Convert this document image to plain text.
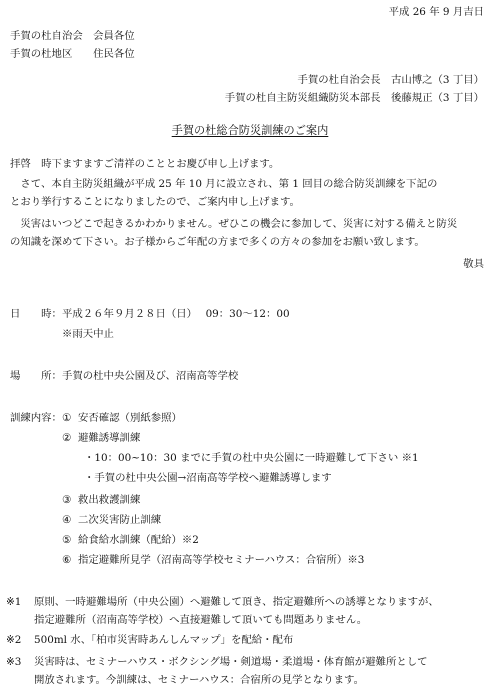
平成 26 年 9 月吉日
手賀の杜自治会　会員各位
手賀の杜地区　　住民各位
手賀の杜自治会長　古山博之（3 丁目）
手賀の杜自主防災組織防災本部長　後藤規正（3 丁目）
手賀の杜総合防災訓練のご案内
拝啓　時下ますますご清祥のこととお慶び申し上げます。
　さて、本自主防災組織が平成 25 年 10 月に設立され、第 1 回目の総合防災訓練を下記の
とおり挙行することになりましたので、ご案内申し上げます。
　災害はいつどこで起きるかわかりません。ぜひこの機会に参加して、災害に対する備えと防災
の知識を深めて下さい。お子様からご年配の方まで多くの方々の参加をお願い致します。
敬具
日　　時： 平成２６年９月２８日（日）　 09：30～12：00
※雨天中止
場　　所： 手賀の杜中央公園及び、沼南高等学校
訓練内容： ① 安否確認（別紙参照）
② 避難誘導訓練
・10：00~10：30 までに手賀の杜中央公園に一時避難して下さい ※1
・手賀の杜中央公園→沼南高等学校へ避難誘導します
③ 救出救護訓練
④ 二次災害防止訓練
⑤ 給食給水訓練（配給）※2
⑥ 指定避難所見学（沼南高等学校セミナーハウス：合宿所）※3
※1 原則、一時避難場所（中央公園）へ避難して頂き、指定避難所への誘導となりますが、
指定避難所（沼南高等学校）へ直接避難して頂いても問題ありません。
※2 500ml 水、「柏市災害時あんしんマップ」を配給・配布
※3 災害時は、セミナーハウス・ボクシング場・剣道場・柔道場・体育館が避難所として
開放されます。今訓練は、セミナーハウス：合宿所の見学となります。
